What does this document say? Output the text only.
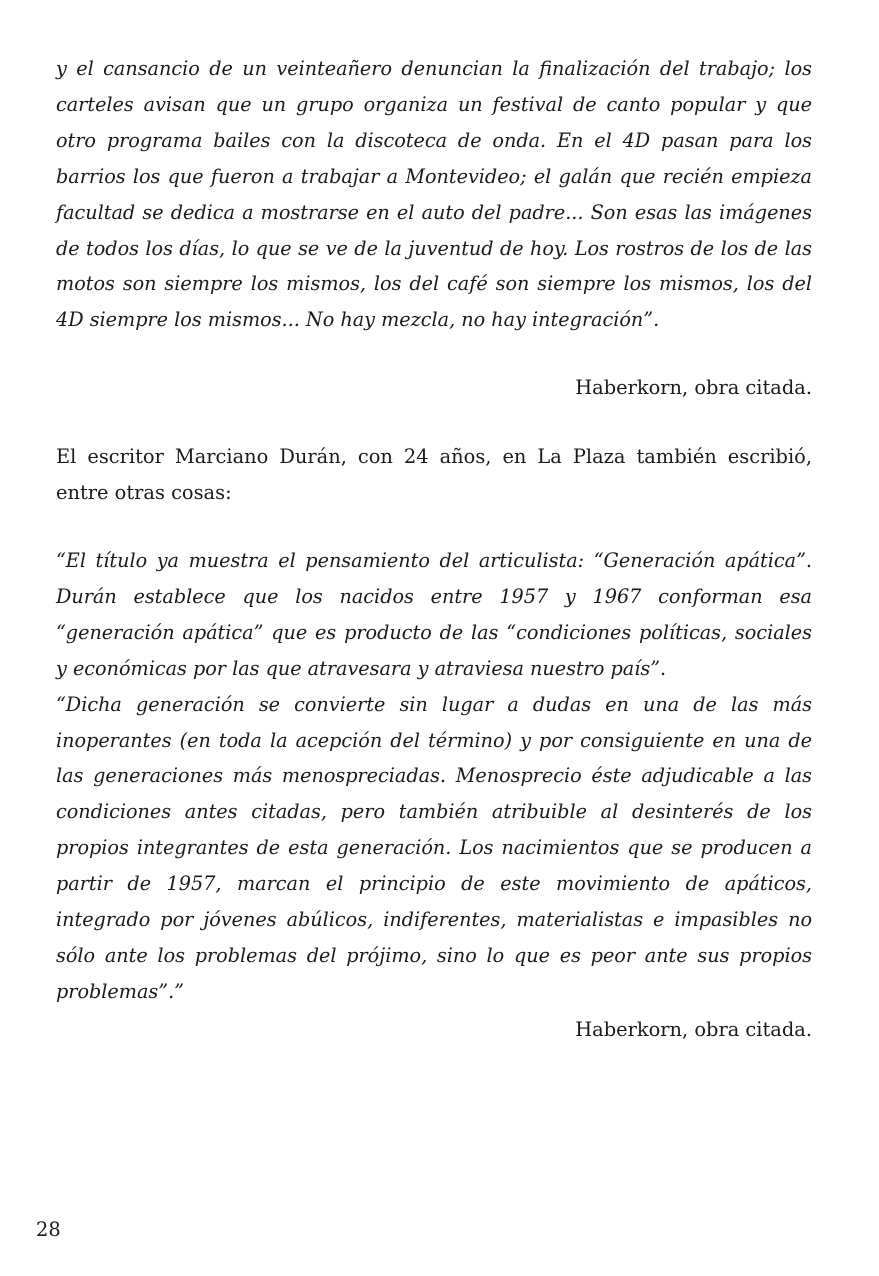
y el cansancio de un veinteañero denuncian la finalización del trabajo; los carteles avisan que un grupo organiza un festival de canto popular y que otro programa bailes con la discoteca de onda. En el 4D pasan para los barrios los que fueron a trabajar a Montevideo; el galán que recién empieza facultad se dedica a mostrarse en el auto del padre... Son esas las imágenes de todos los días, lo que se ve de la juventud de hoy. Los rostros de los de las motos son siempre los mismos, los del café son siempre los mismos, los del 4D siempre los mismos... No hay mezcla, no hay integración”.

Haberkorn, obra citada.

El escritor Marciano Durán, con 24 años, en La Plaza también escribió, entre otras cosas:

“El título ya muestra el pensamiento del articulista: “Generación apática”. Durán establece que los nacidos entre 1957 y 1967 conforman esa “generación apática” que es producto de las “condiciones políticas, sociales y económicas por las que atravesara y atraviesa nuestro país”.

“Dicha generación se convierte sin lugar a dudas en una de las más inoperantes (en toda la acepción del término) y por consiguiente en una de las generaciones más menospreciadas. Menosprecio éste adjudicable a las condiciones antes citadas, pero también atribuible al desinterés de los propios integrantes de esta generación. Los nacimientos que se producen a partir de 1957, marcan el principio de este movimiento de apáticos, integrado por jóvenes abúlicos, indiferentes, materialistas e impasibles no sólo ante los problemas del prójimo, sino lo que es peor ante sus propios problemas”.”

Haberkorn, obra citada.

28
